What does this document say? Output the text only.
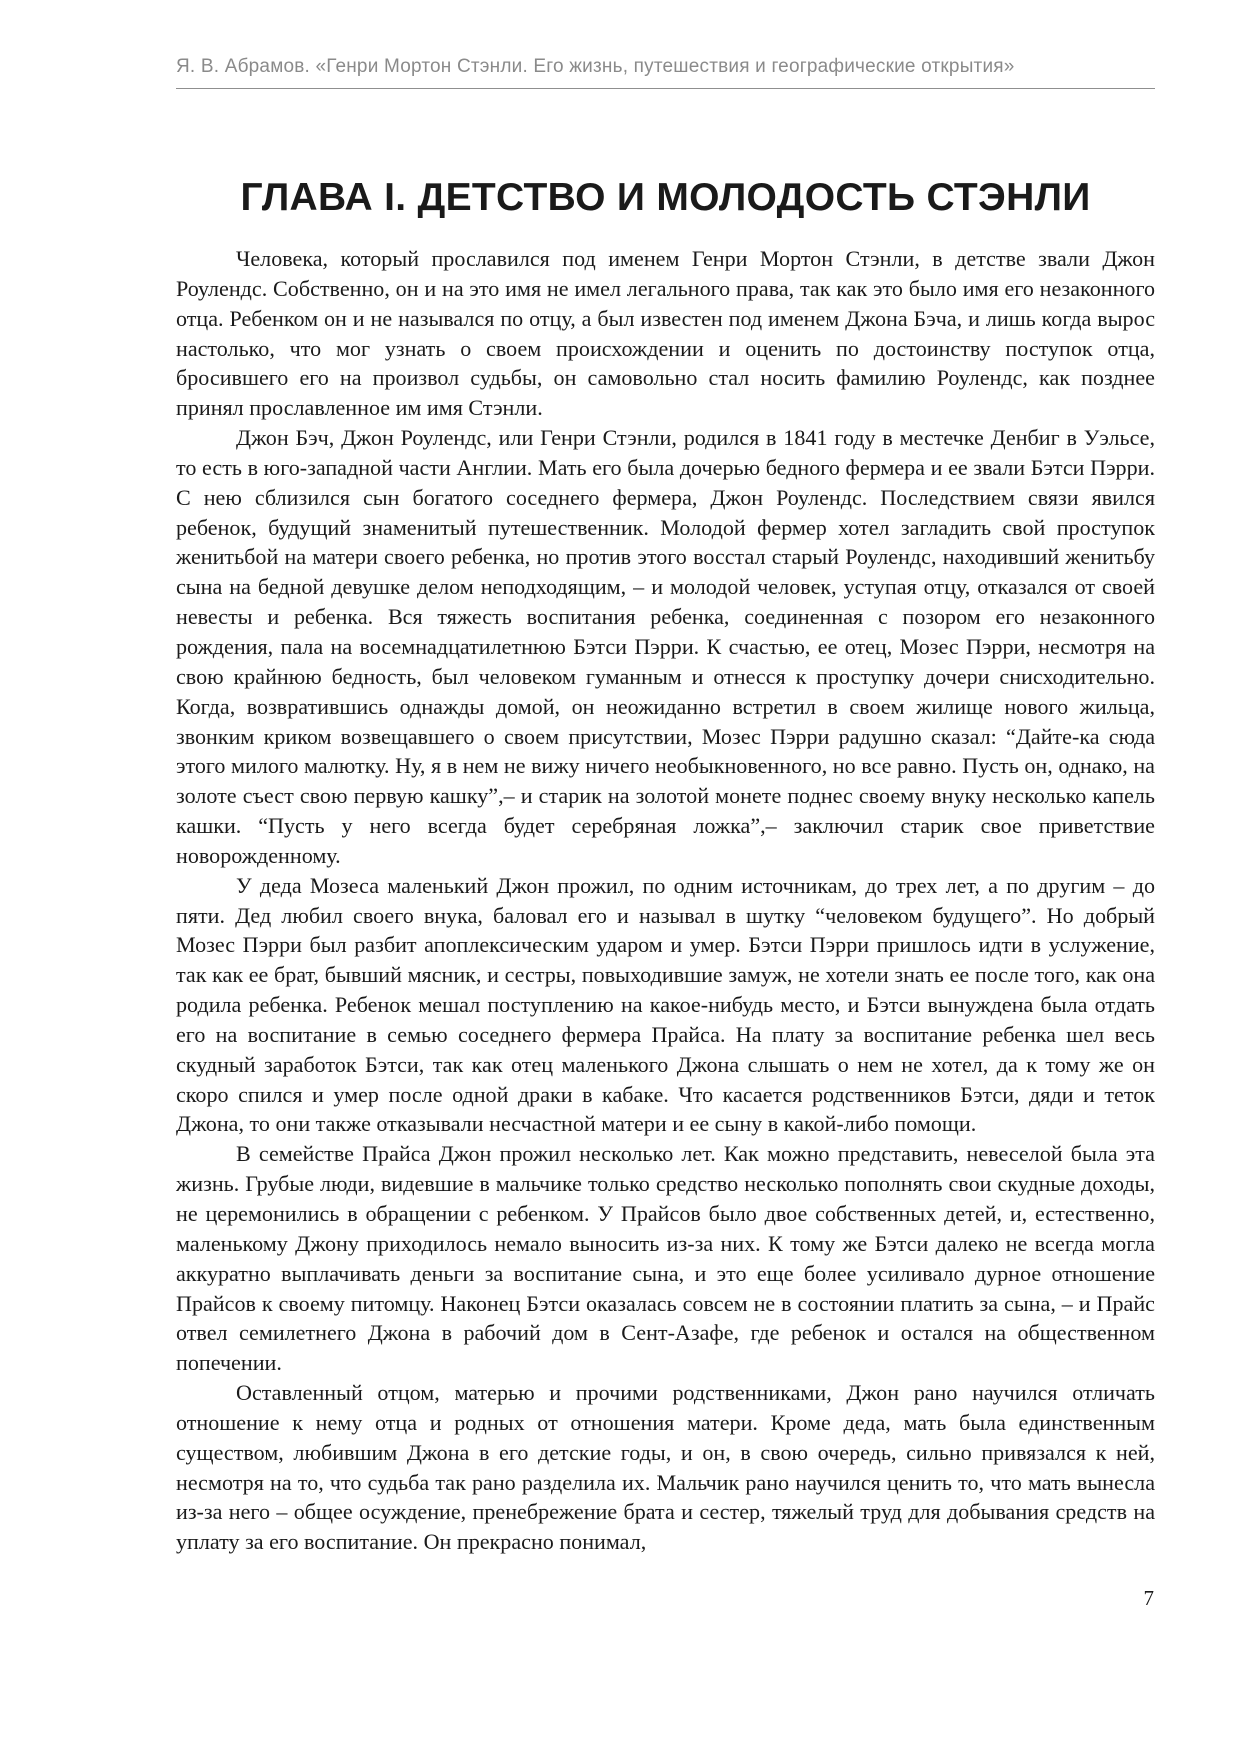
Я. В. Абрамов. «Генри Мортон Стэнли. Его жизнь, путешествия и географические открытия»

ГЛАВА I. ДЕТСТВО И МОЛОДОСТЬ СТЭНЛИ

Человека, который прославился под именем Генри Мортон Стэнли, в детстве звали Джон Роулендс. Собственно, он и на это имя не имел легального права, так как это было имя его незаконного отца. Ребенком он и не назывался по отцу, а был известен под именем Джона Бэча, и лишь когда вырос настолько, что мог узнать о своем происхождении и оценить по достоинству поступок отца, бросившего его на произвол судьбы, он самовольно стал носить фамилию Роулендс, как позднее принял прославленное им имя Стэнли.

Джон Бэч, Джон Роулендс, или Генри Стэнли, родился в 1841 году в местечке Денбиг в Уэльсе, то есть в юго-западной части Англии. Мать его была дочерью бедного фермера и ее звали Бэтси Пэрри. С нею сблизился сын богатого соседнего фермера, Джон Роулендс. Последствием связи явился ребенок, будущий знаменитый путешественник. Молодой фермер хотел загладить свой проступок женитьбой на матери своего ребенка, но против этого восстал старый Роулендс, находивший женитьбу сына на бедной девушке делом неподходящим, – и молодой человек, уступая отцу, отказался от своей невесты и ребенка. Вся тяжесть воспитания ребенка, соединенная с позором его незаконного рождения, пала на восемнадцатилетнюю Бэтси Пэрри. К счастью, ее отец, Мозес Пэрри, несмотря на свою крайнюю бедность, был человеком гуманным и отнесся к проступку дочери снисходительно. Когда, возвратившись однажды домой, он неожиданно встретил в своем жилище нового жильца, звонким криком возвещавшего о своем присутствии, Мозес Пэрри радушно сказал: “Дайте-ка сюда этого милого малютку. Ну, я в нем не вижу ничего необыкновенного, но все равно. Пусть он, однако, на золоте съест свою первую кашку”,– и старик на золотой монете поднес своему внуку несколько капель кашки. “Пусть у него всегда будет серебряная ложка”,– заключил старик свое приветствие новорожденному.

У деда Мозеса маленький Джон прожил, по одним источникам, до трех лет, а по другим – до пяти. Дед любил своего внука, баловал его и называл в шутку “человеком будущего”. Но добрый Мозес Пэрри был разбит апоплексическим ударом и умер. Бэтси Пэрри пришлось идти в услужение, так как ее брат, бывший мясник, и сестры, повыходившие замуж, не хотели знать ее после того, как она родила ребенка. Ребенок мешал поступлению на какое-нибудь место, и Бэтси вынуждена была отдать его на воспитание в семью соседнего фермера Прайса. На плату за воспитание ребенка шел весь скудный заработок Бэтси, так как отец маленького Джона слышать о нем не хотел, да к тому же он скоро спился и умер после одной драки в кабаке. Что касается родственников Бэтси, дяди и теток Джона, то они также отказывали несчастной матери и ее сыну в какой-либо помощи.

В семействе Прайса Джон прожил несколько лет. Как можно представить, невеселой была эта жизнь. Грубые люди, видевшие в мальчике только средство несколько пополнять свои скудные доходы, не церемонились в обращении с ребенком. У Прайсов было двое собственных детей, и, естественно, маленькому Джону приходилось немало выносить из-за них. К тому же Бэтси далеко не всегда могла аккуратно выплачивать деньги за воспитание сына, и это еще более усиливало дурное отношение Прайсов к своему питомцу. Наконец Бэтси оказалась совсем не в состоянии платить за сына, – и Прайс отвел семилетнего Джона в рабочий дом в Сент-Азафе, где ребенок и остался на общественном попечении.

Оставленный отцом, матерью и прочими родственниками, Джон рано научился отличать отношение к нему отца и родных от отношения матери. Кроме деда, мать была единственным существом, любившим Джона в его детские годы, и он, в свою очередь, сильно привязался к ней, несмотря на то, что судьба так рано разделила их. Мальчик рано научился ценить то, что мать вынесла из-за него – общее осуждение, пренебрежение брата и сестер, тяжелый труд для добывания средств на уплату за его воспитание. Он прекрасно понимал,

7
